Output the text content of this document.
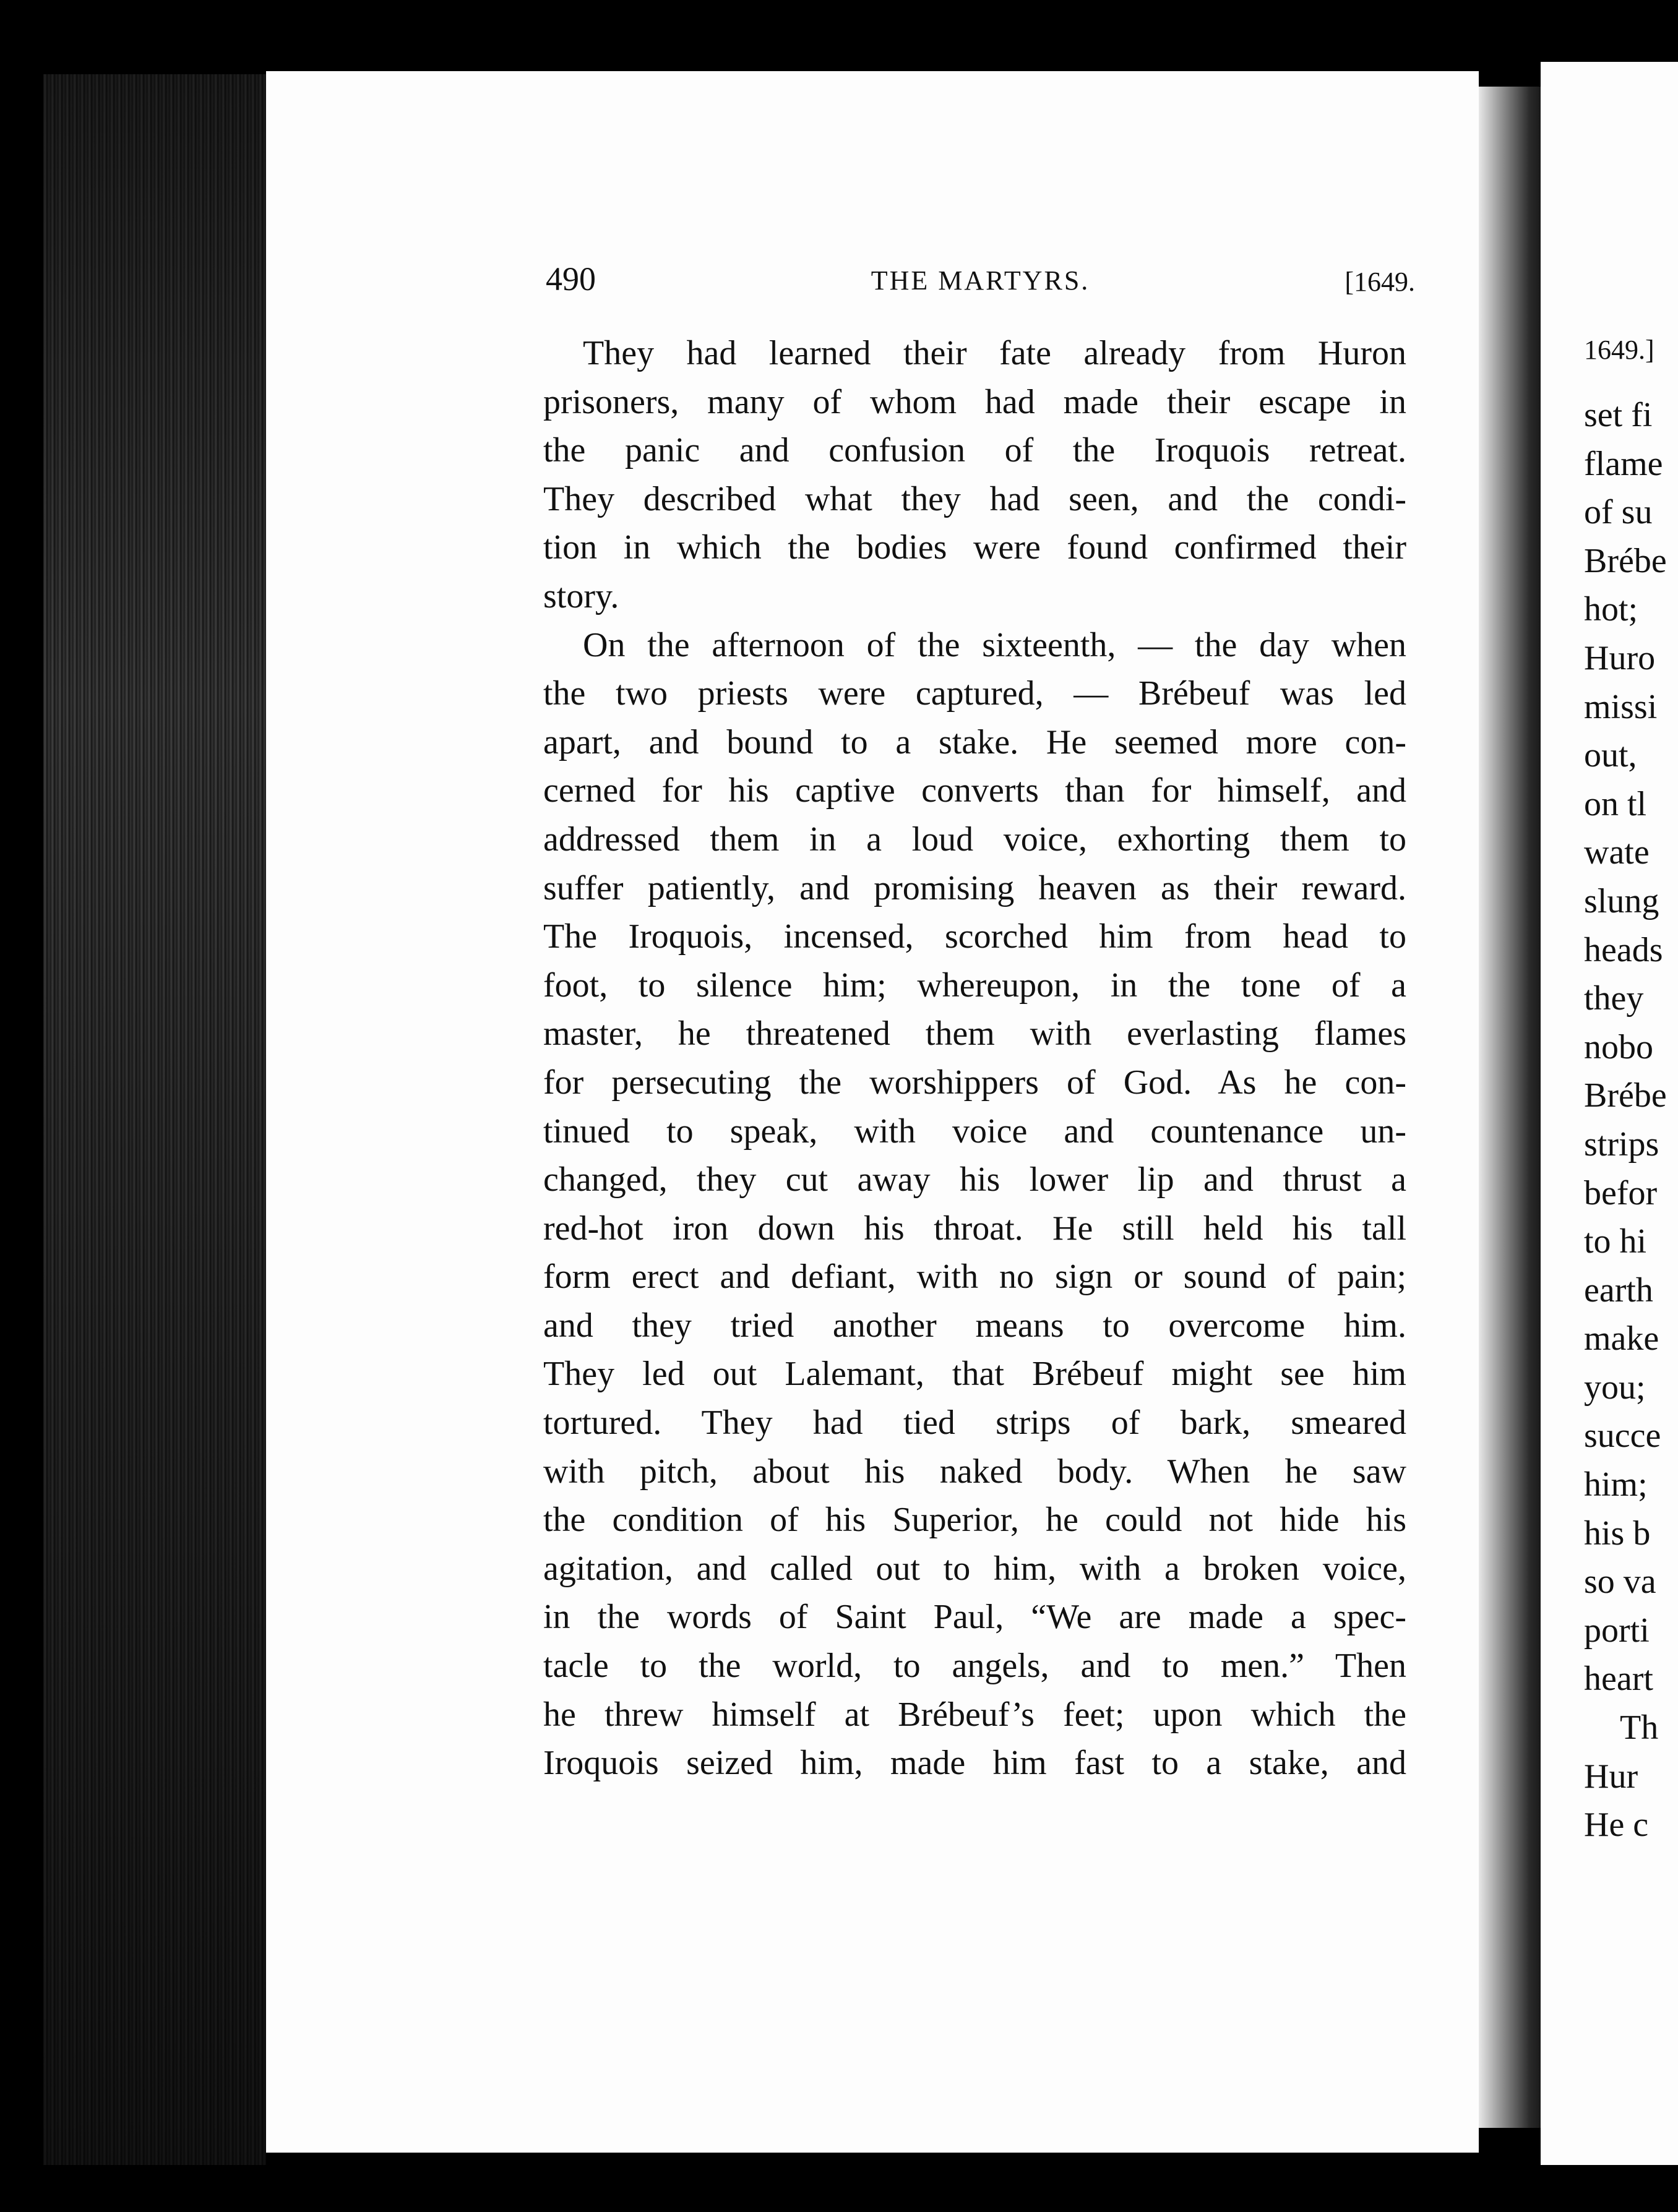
490	THE MARTYRS.	[1649.
They had learned their fate already from Huron
prisoners, many of whom had made their escape in
the panic and confusion of the Iroquois retreat.
They described what they had seen, and the condi-
tion in which the bodies were found confirmed their
story.
On the afternoon of the sixteenth, — the day when
the two priests were captured, — Brébeuf was led
apart, and bound to a stake. He seemed more con-
cerned for his captive converts than for himself, and
addressed them in a loud voice, exhorting them to
suffer patiently, and promising heaven as their reward.
The Iroquois, incensed, scorched him from head to
foot, to silence him; whereupon, in the tone of a
master, he threatened them with everlasting flames
for persecuting the worshippers of God. As he con-
tinued to speak, with voice and countenance un-
changed, they cut away his lower lip and thrust a
red-hot iron down his throat. He still held his tall
form erect and defiant, with no sign or sound of pain;
and they tried another means to overcome him.
They led out Lalemant, that Brébeuf might see him
tortured. They had tied strips of bark, smeared
with pitch, about his naked body. When he saw
the condition of his Superior, he could not hide his
agitation, and called out to him, with a broken voice,
in the words of Saint Paul, “We are made a spec-
tacle to the world, to angels, and to men.” Then
he threw himself at Brébeuf’s feet; upon which the
Iroquois seized him, made him fast to a stake, and
1649.]
set fi
flame
of su
Brébe
hot;
Huro
missi
out,
on tl
wate
slung
heads
they
nobo
Brébe
strips
befor
to hi
earth
make
you;
succe
him;
his b
so va
porti
heart
Th
Hur
He c
